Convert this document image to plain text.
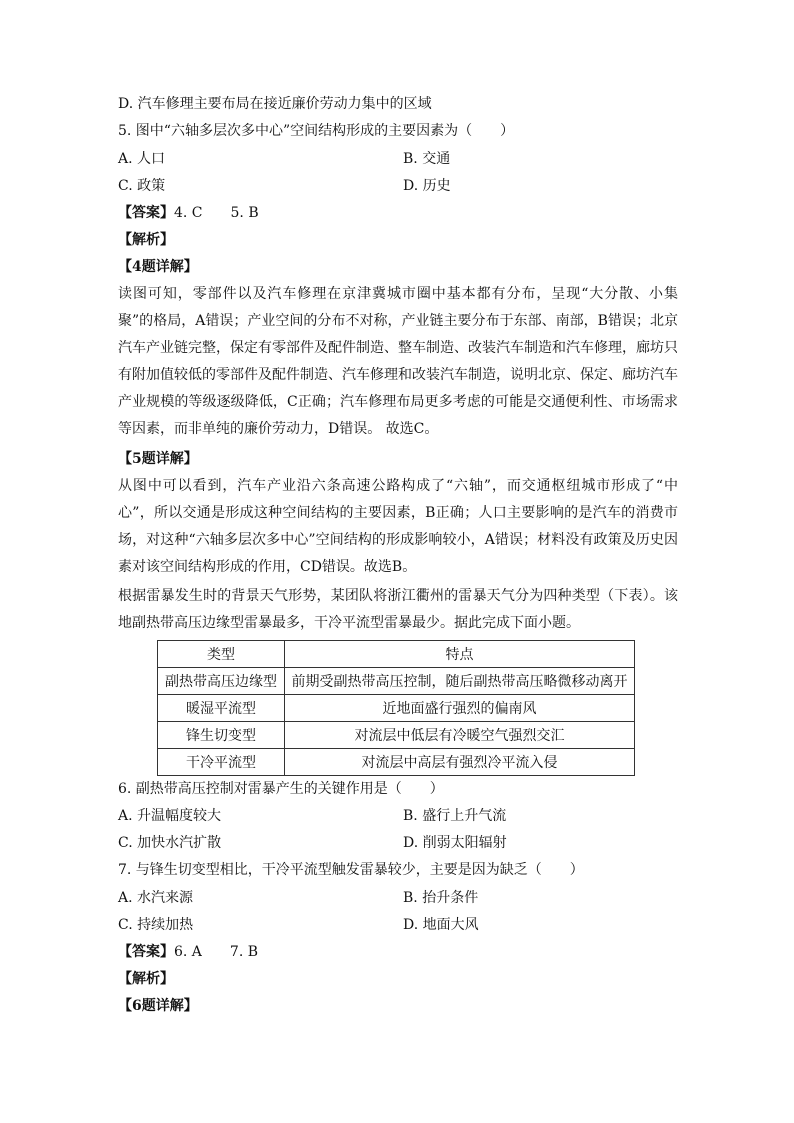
D. 汽车修理主要布局在接近廉价劳动力集中的区域
5. 图中“六轴多层次多中心”空间结构形成的主要因素为（　　）
A. 人口	B. 交通
C. 政策	D. 历史
【答案】4. C　　5. B
【解析】
【4题详解】
读图可知，零部件以及汽车修理在京津冀城市圈中基本都有分布，呈现“大分散、小集聚”的格局，A错误；产业空间的分布不对称，产业链主要分布于东部、南部，B错误；北京汽车产业链完整，保定有零部件及配件制造、整车制造、改装汽车制造和汽车修理，廊坊只有附加值较低的零部件及配件制造、汽车修理和改装汽车制造，说明北京、保定、廊坊汽车产业规模的等级逐级降低，C正确；汽车修理布局更多考虑的可能是交通便利性、市场需求等因素，而非单纯的廉价劳动力，D错误。 故选C。
【5题详解】
从图中可以看到，汽车产业沿六条高速公路构成了“六轴”，而交通枢纽城市形成了“中心”，所以交通是形成这种空间结构的主要因素，B正确；人口主要影响的是汽车的消费市场，对这种“六轴多层次多中心”空间结构的形成影响较小，A错误；材料没有政策及历史因素对该空间结构形成的作用，CD错误。故选B。
根据雷暴发生时的背景天气形势，某团队将浙江衢州的雷暴天气分为四种类型（下表）。该地副热带高压边缘型雷暴最多，干冷平流型雷暴最少。据此完成下面小题。
类型	特点
副热带高压边缘型	前期受副热带高压控制，随后副热带高压略微移动离开
暖湿平流型	近地面盛行强烈的偏南风
锋生切变型	对流层中低层有冷暖空气强烈交汇
干冷平流型	对流层中高层有强烈冷平流入侵
6. 副热带高压控制对雷暴产生的关键作用是（　　）
A. 升温幅度较大	B. 盛行上升气流
C. 加快水汽扩散	D. 削弱太阳辐射
7. 与锋生切变型相比，干冷平流型触发雷暴较少，主要是因为缺乏（　　）
A. 水汽来源	B. 抬升条件
C. 持续加热	D. 地面大风
【答案】6. A　　7. B
【解析】
【6题详解】
